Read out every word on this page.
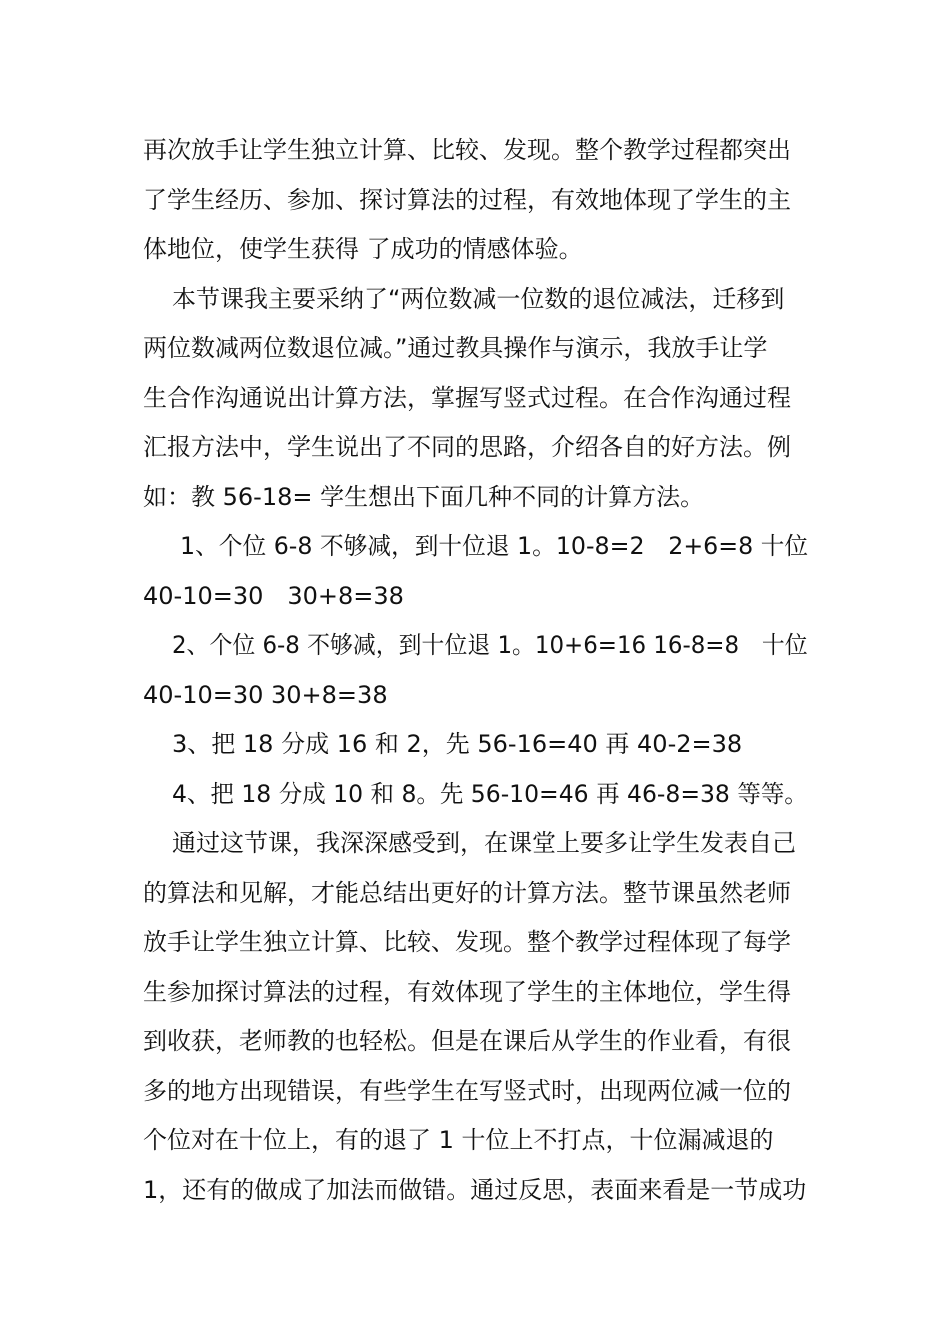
再次放手让学生独立计算、比较、发现。整个教学过程都突出
了学生经历、参加、探讨算法的过程，有效地体现了学生的主
体地位，使学生获得 了成功的情感体验。
本节课我主要采纳了“两位数减一位数的退位减法，迁移到
两位数减两位数退位减。”通过教具操作与演示，我放手让学
生合作沟通说出计算方法，掌握写竖式过程。在合作沟通过程
汇报方法中，学生说出了不同的思路，介绍各自的好方法。例
如：教 56-18= 学生想出下面几种不同的计算方法。
1、个位 6-8 不够减，到十位退 1。10-8=2　2+6=8 十位
40-10=30　30+8=38
2、个位 6-8 不够减，到十位退 1。10+6=16 16-8=8　十位
40-10=30 30+8=38
3、把 18 分成 16 和 2，先 56-16=40 再 40-2=38
4、把 18 分成 10 和 8。先 56-10=46 再 46-8=38 等等。
通过这节课，我深深感受到，在课堂上要多让学生发表自己
的算法和见解，才能总结出更好的计算方法。整节课虽然老师
放手让学生独立计算、比较、发现。整个教学过程体现了每学
生参加探讨算法的过程，有效体现了学生的主体地位，学生得
到收获，老师教的也轻松。但是在课后从学生的作业看，有很
多的地方出现错误，有些学生在写竖式时，出现两位减一位的
个位对在十位上，有的退了 1 十位上不打点，十位漏减退的
1，还有的做成了加法而做错。通过反思，表面来看是一节成功
